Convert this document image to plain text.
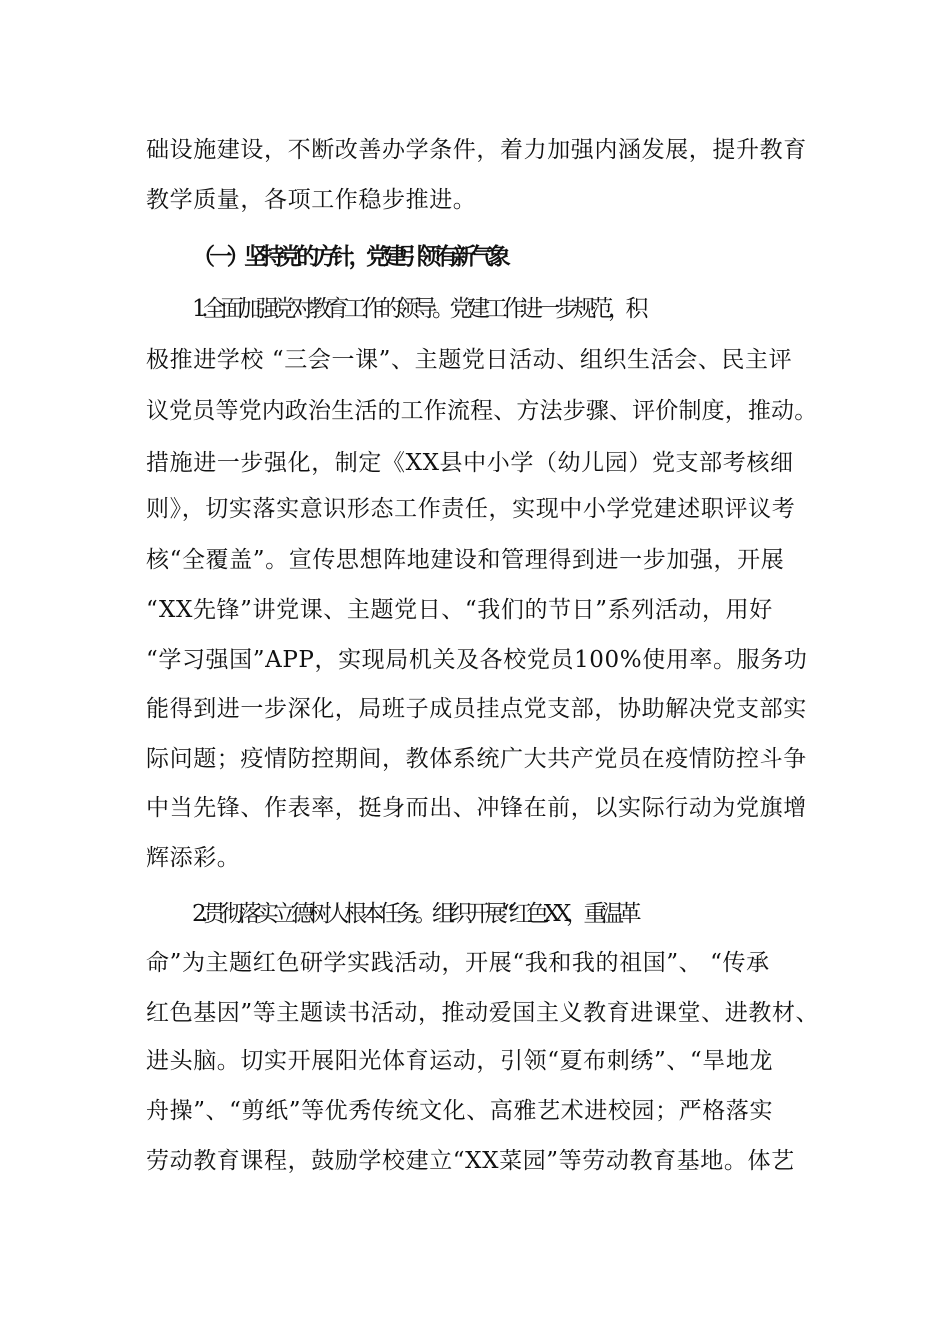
础设施建设，不断改善办学条件，着力加强内涵发展，提升教育
教学质量，各项工作稳步推进。
（一）坚持党的方针，党建引领有新气象
1.全面加强党对教育工作的领导。党建工作进一步规范，积
极推进学校 “三会一课”、主题党日活动、组织生活会、民主评
议党员等党内政治生活的工作流程、方法步骤、评价制度，推动。
措施进一步强化，制定《XX县中小学（幼儿园）党支部考核细
则》，切实落实意识形态工作责任，实现中小学党建述职评议考
核“全覆盖”。宣传思想阵地建设和管理得到进一步加强，开展
“XX先锋”讲党课、主题党日、“我们的节日”系列活动，用好
“学习强国”APP，实现局机关及各校党员100%使用率。服务功
能得到进一步深化，局班子成员挂点党支部，协助解决党支部实
际问题；疫情防控期间，教体系统广大共产党员在疫情防控斗争
中当先锋、作表率，挺身而出、冲锋在前，以实际行动为党旗增
辉添彩。
2.贯彻落实立德树人根本任务。组织开展“红色XX，重温革
命”为主题红色研学实践活动，开展“我和我的祖国”、 “传承
红色基因”等主题读书活动，推动爱国主义教育进课堂、进教材、
进头脑。切实开展阳光体育运动，引领“夏布刺绣”、“旱地龙
舟操”、“剪纸”等优秀传统文化、高雅艺术进校园；严格落实
劳动教育课程，鼓励学校建立“XX菜园”等劳动教育基地。体艺
